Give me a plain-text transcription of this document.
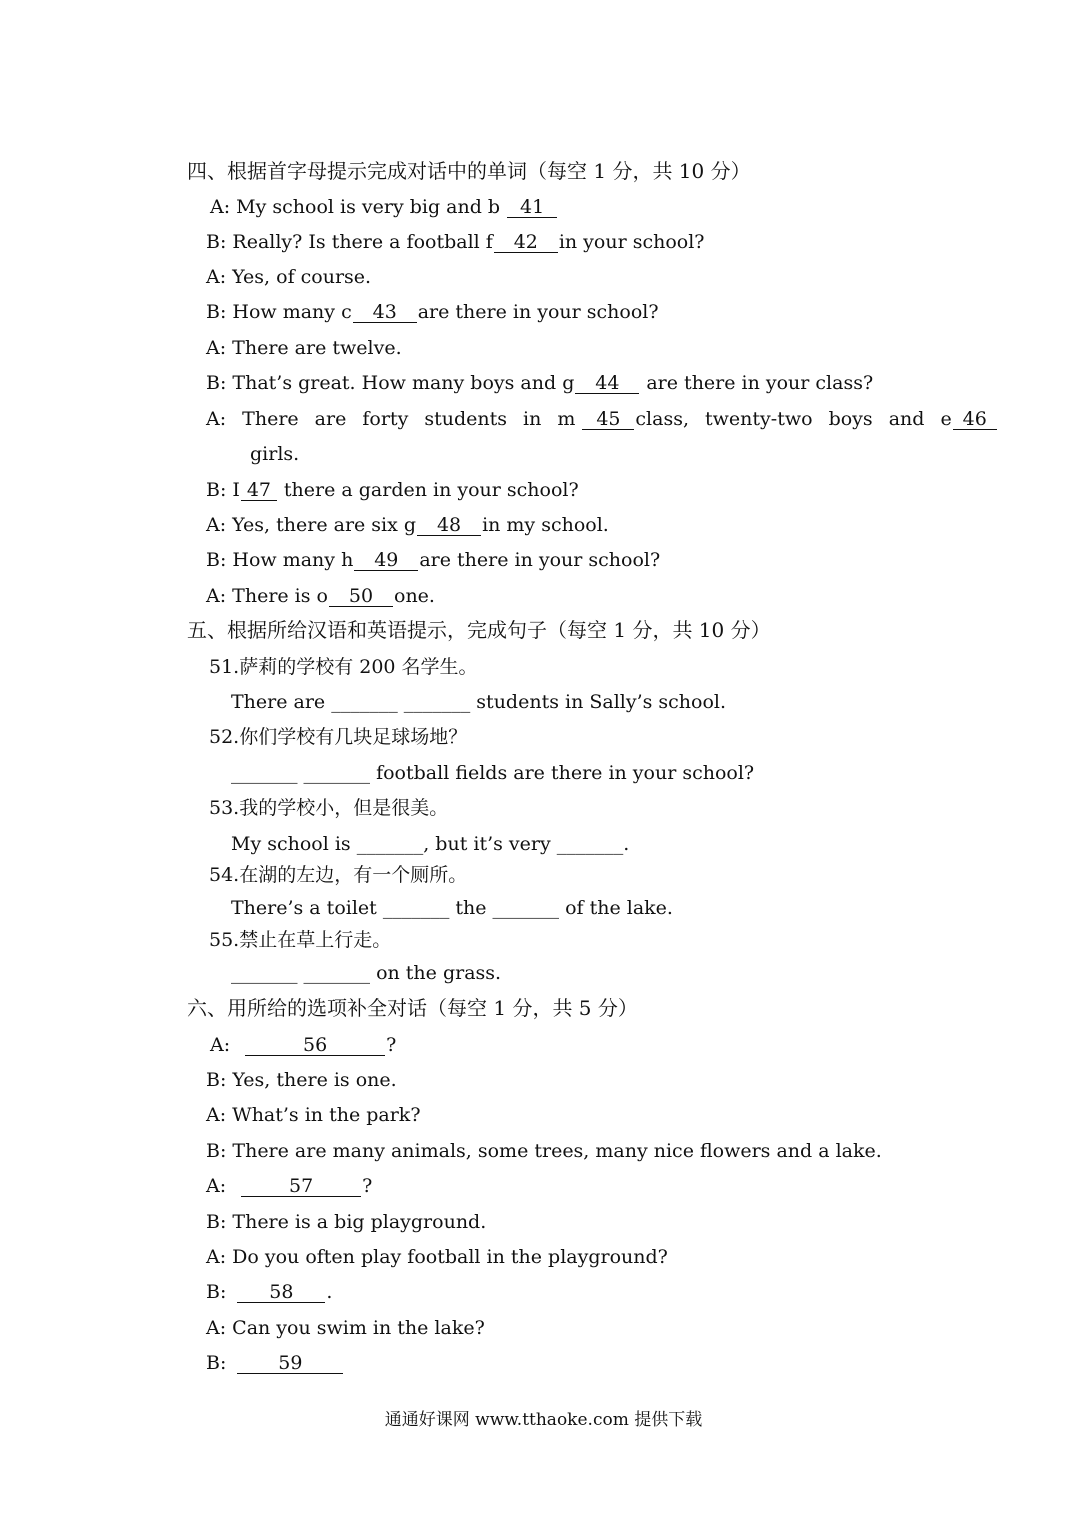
四、根据首字母提示完成对话中的单词（每空 1 分，共 10 分）
A: My school is very big and b 41
B: Really? Is there a football f 42 in your school?
A: Yes, of course.
B: How many c 43 are there in your school?
A: There are twelve.
B: That’s great. How many boys and g 44 are there in your class?
A: There are forty students in m 45 class, twenty-two boys and e 46
girls.
B: I 47 there a garden in your school?
A: Yes, there are six g 48 in my school.
B: How many h 49 are there in your school?
A: There is o 50 one.
五、根据所给汉语和英语提示，完成句子（每空 1 分，共 10 分）
51.萨莉的学校有 200 名学生。
There are _______ _______ students in Sally’s school.
52.你们学校有几块足球场地？
_______ _______ football fields are there in your school?
53.我的学校小，但是很美。
My school is _______, but it’s very _______.
54.在湖的左边，有一个厕所。
There’s a toilet _______ the _______ of the lake.
55.禁止在草上行走。
_______ _______ on the grass.
六、用所给的选项补全对话（每空 1 分，共 5 分）
A:	56	?
B: Yes, there is one.
A: What’s in the park?
B: There are many animals, some trees, many nice flowers and a lake.
A:	57	?
B: There is a big playground.
A: Do you often play football in the playground?
B: 58 .
A: Can you swim in the lake?
B:	59
通通好课网 www.tthaoke.com 提供下载
